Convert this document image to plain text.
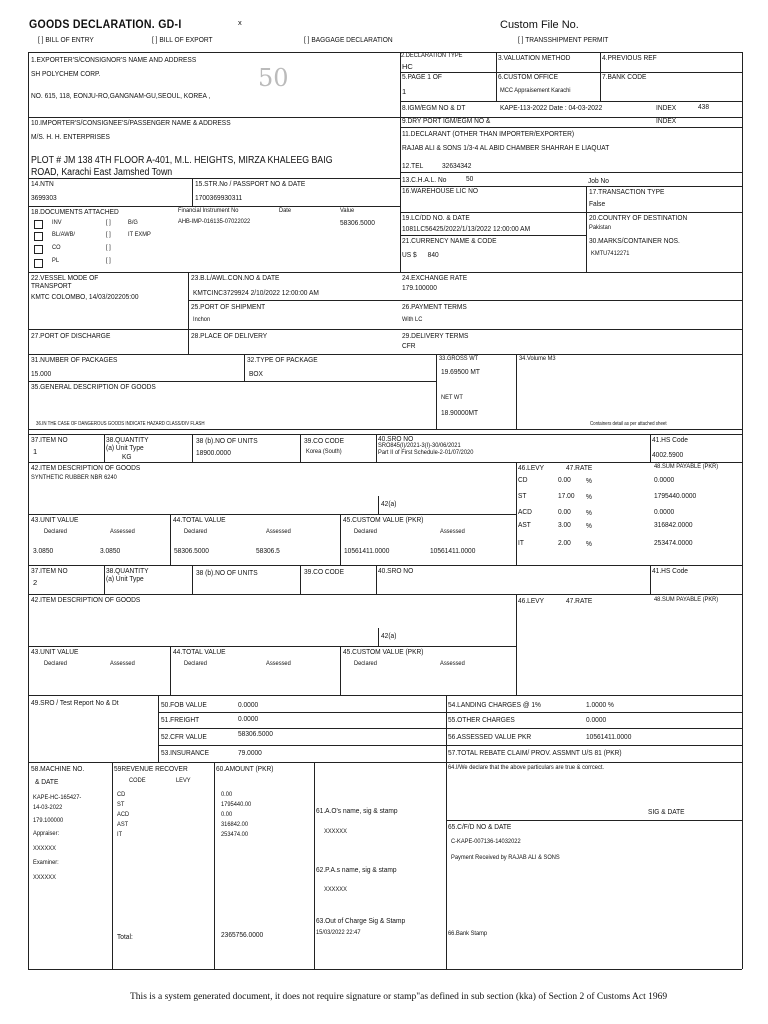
GOODS DECLARATION. GD-I	x	Custom File No.
[ ] BILL OF ENTRY	[ ] BILL OF EXPORT	[ ] BAGGAGE DECLARATION	[ ] TRANSSHIPMENT PERMIT
1.EXPORTER'S/CONSIGNOR'S NAME AND ADDRESS
SH POLYCHEM CORP.
NO. 615, 118, EONJU-RO,GANGNAM-GU,SEOUL, KOREA ,
50
2.DECLARATION TYPE
HC
3.VALUATION METHOD	4.PREVIOUS REF
5.PAGE 1 OF
1
6.CUSTOM OFFICE
MCC Appraisement Karachi
7.BANK CODE
8.IGM/EGM NO & DT	KAPE-113-2022 Date : 04-03-2022	INDEX	438
9.DRY PORT IGM/EGM NO &	INDEX
10.IMPORTER'S/CONSIGNEE'S/PASSENGER NAME & ADDRESS
M/S. H. H. ENTERPRISES
PLOT # JM 138 4TH FLOOR A-401, M.L. HEIGHTS, MIRZA KHALEEG BAIG
ROAD, Karachi East Jamshed Town
11.DECLARANT (OTHER THAN IMPORTER/EXPORTER)
RAJAB ALI & SONS 1/3-4 AL ABID CHAMBER SHAHRAH E LIAQUAT
12.TEL 32634342
13.C.H.A.L. No	50	Job No
14.NTN
3699303
15.STR.No / PASSPORT NO & DATE
1700369930311
16.WAREHOUSE LIC NO	17.TRANSACTION TYPE
False
18.DOCUMENTS ATTACHED
INV	[ ]	B/G
BL/AWB/	[ ]	IT EXMP
CO	[ ]
PL	[ ]
Financial Instrument No	Date	Value
AHB-IMP-016135-07022022	58306.5000
19.LC/DD NO. & DATE
1081LC56425/2022/1/13/2022 12:00:00 AM
20.COUNTRY OF DESTINATION
Pakistan
21.CURRENCY NAME & CODE
US $      840
30.MARKS/CONTAINER NOS.
KMTU7412271
22.VESSEL MODE OF TRANSPORT
KMTC COLOMBO, 14/03/202205:00
23.B.L/AWL.CON.NO & DATE
KMTCINC3729924 2/10/2022 12:00:00 AM
24.EXCHANGE RATE
179.100000
25.PORT OF SHIPMENT
Inchon
26.PAYMENT TERMS
With LC
27.PORT OF DISCHARGE	28.PLACE OF DELIVERY	29.DELIVERY TERMS
CFR
31.NUMBER OF PACKAGES
15.000
32.TYPE OF PACKAGE
BOX
33.GROSS WT
19.69500 MT
NET WT
18.90000MT
34.Volume M3
35.GENERAL DESCRIPTION OF GOODS
36.IN THE CASE OF DANGEROUS GOODS INDICATE HAZARD CLASS/DIV FLASH	Containers detail as per attached sheet
37.ITEM NO
1
38.QUANTITY
(a) Unit Type
KG
38 (b).NO OF UNITS
18900.0000
39.CO CODE
Korea (South)
40.SRO NO
SRO845(I)/2021-3(I)-30/06/2021
Part II of First Schedule-2-01/07/2020
41.HS Code
4002.5900
42.ITEM DESCRIPTION OF GOODS
SYNTHETIC RUBBER NBR 6240
42(a)
46.LEVY	47.RATE	48.SUM PAYABLE (PKR)
CD	0.00 %	0.0000
ST	17.00 %	1795440.0000
ACD	0.00 %	0.0000
AST	3.00 %	316842.0000
IT	2.00 %	253474.0000
43.UNIT VALUE
Declared	Assessed
3.0850	3.0850
44.TOTAL VALUE
Declared	Assessed
58306.5000	58306.5
45.CUSTOM VALUE (PKR)
Declared	Assessed
10561411.0000	10561411.0000
37.ITEM NO
2
38.QUANTITY
(a) Unit Type
38 (b).NO OF UNITS	39.CO CODE	40.SRO NO	41.HS Code
42.ITEM DESCRIPTION OF GOODS
42(a)
46.LEVY	47.RATE	48.SUM PAYABLE (PKR)
43.UNIT VALUE
Declared	Assessed
44.TOTAL VALUE
Declared	Assessed
45.CUSTOM VALUE (PKR)
Declared	Assessed
49.SRO / Test Report No & Dt	50.FOB VALUE	0.0000
51.FREIGHT	0.0000
52.CFR VALUE	58306.5000
53.INSURANCE	79.0000
54.LANDING CHARGES @ 1%	1.0000 %
55.OTHER CHARGES	0.0000
56.ASSESSED VALUE PKR	10561411.0000
57.TOTAL REBATE CLAIM/ PROV. ASSMNT U/S 81 (PKR)
58.MACHINE NO.
& DATE
KAPE-HC-165427-
14-03-2022
179.100000
Appraiser:
XXXXXX
Examiner:
XXXXXX
59REVENUE RECOVER
CODE	LEVY
60.AMOUNT (PKR)
CD	0.00
ST	1795440.00
ACD	0.00
AST	316842.00
IT	253474.00
Total:	2365756.0000
61.A.O's name, sig & stamp
XXXXXX
62.P.A.s name, sig & stamp
XXXXXX
63.Out of Charge Sig & Stamp
15/03/2022 22:47
64.I/We declare that the above particulars are true & corrcect.
SIG & DATE
65.C/F/D NO & DATE
C-KAPE-007136-14032022
Payment Received by RAJAB ALI & SONS
66.Bank Stamp
This is a system generated document, it does not require signature or stamp"as defined in sub section (kka) of Section 2 of Customs Act 1969
